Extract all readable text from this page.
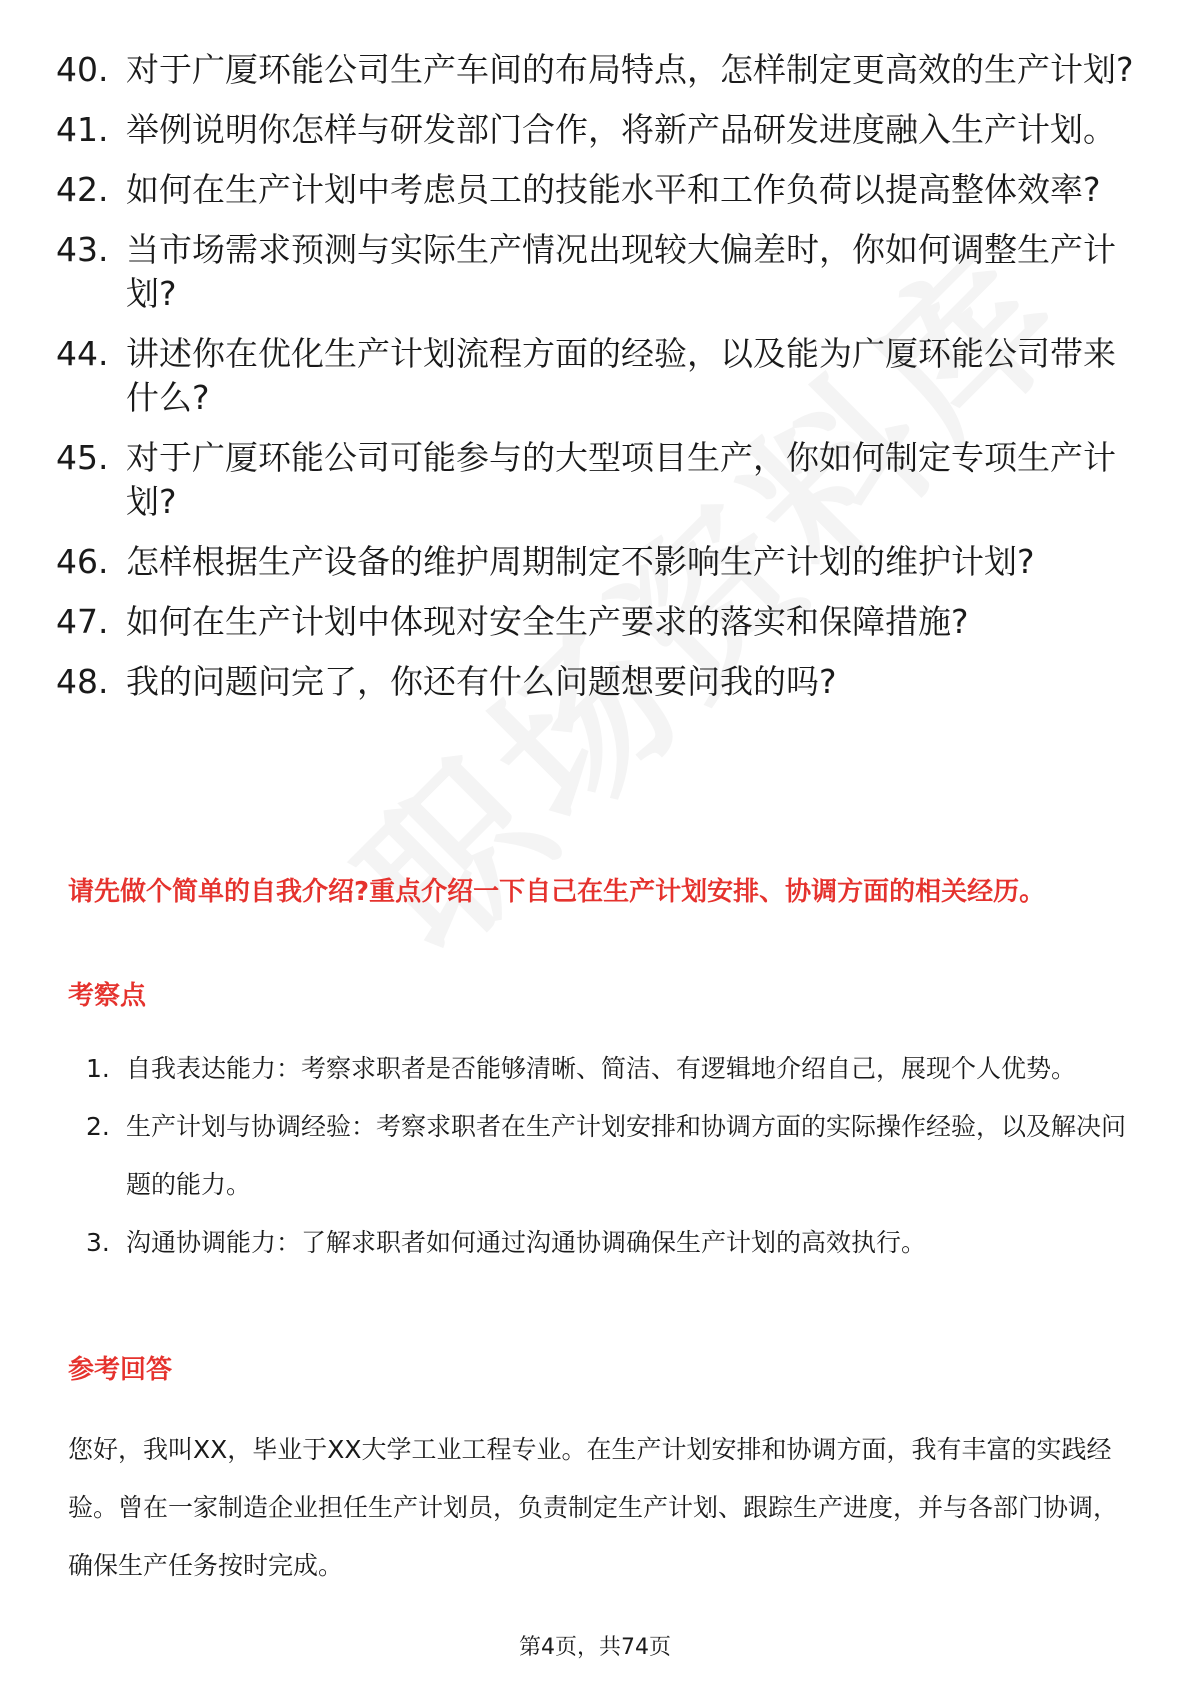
40. 对于广厦环能公司生产车间的布局特点，怎样制定更高效的生产计划?
41. 举例说明你怎样与研发部门合作，将新产品研发进度融入生产计划。
42. 如何在生产计划中考虑员工的技能水平和工作负荷以提高整体效率?
43. 当市场需求预测与实际生产情况出现较大偏差时，你如何调整生产计划?
44. 讲述你在优化生产计划流程方面的经验，以及能为广厦环能公司带来什么?
45. 对于广厦环能公司可能参与的大型项目生产，你如何制定专项生产计划?
46. 怎样根据生产设备的维护周期制定不影响生产计划的维护计划?
47. 如何在生产计划中体现对安全生产要求的落实和保障措施?
48. 我的问题问完了，你还有什么问题想要问我的吗?
请先做个简单的自我介绍?重点介绍一下自己在生产计划安排、协调方面的相关经历。
考察点
1. 自我表达能力：考察求职者是否能够清晰、简洁、有逻辑地介绍自己，展现个人优势。
2. 生产计划与协调经验：考察求职者在生产计划安排和协调方面的实际操作经验，以及解决问题的能力。
3. 沟通协调能力：了解求职者如何通过沟通协调确保生产计划的高效执行。
参考回答
您好，我叫XX，毕业于XX大学工业工程专业。在生产计划安排和协调方面，我有丰富的实践经验。曾在一家制造企业担任生产计划员，负责制定生产计划、跟踪生产进度，并与各部门协调，确保生产任务按时完成。
第4页，共74页
